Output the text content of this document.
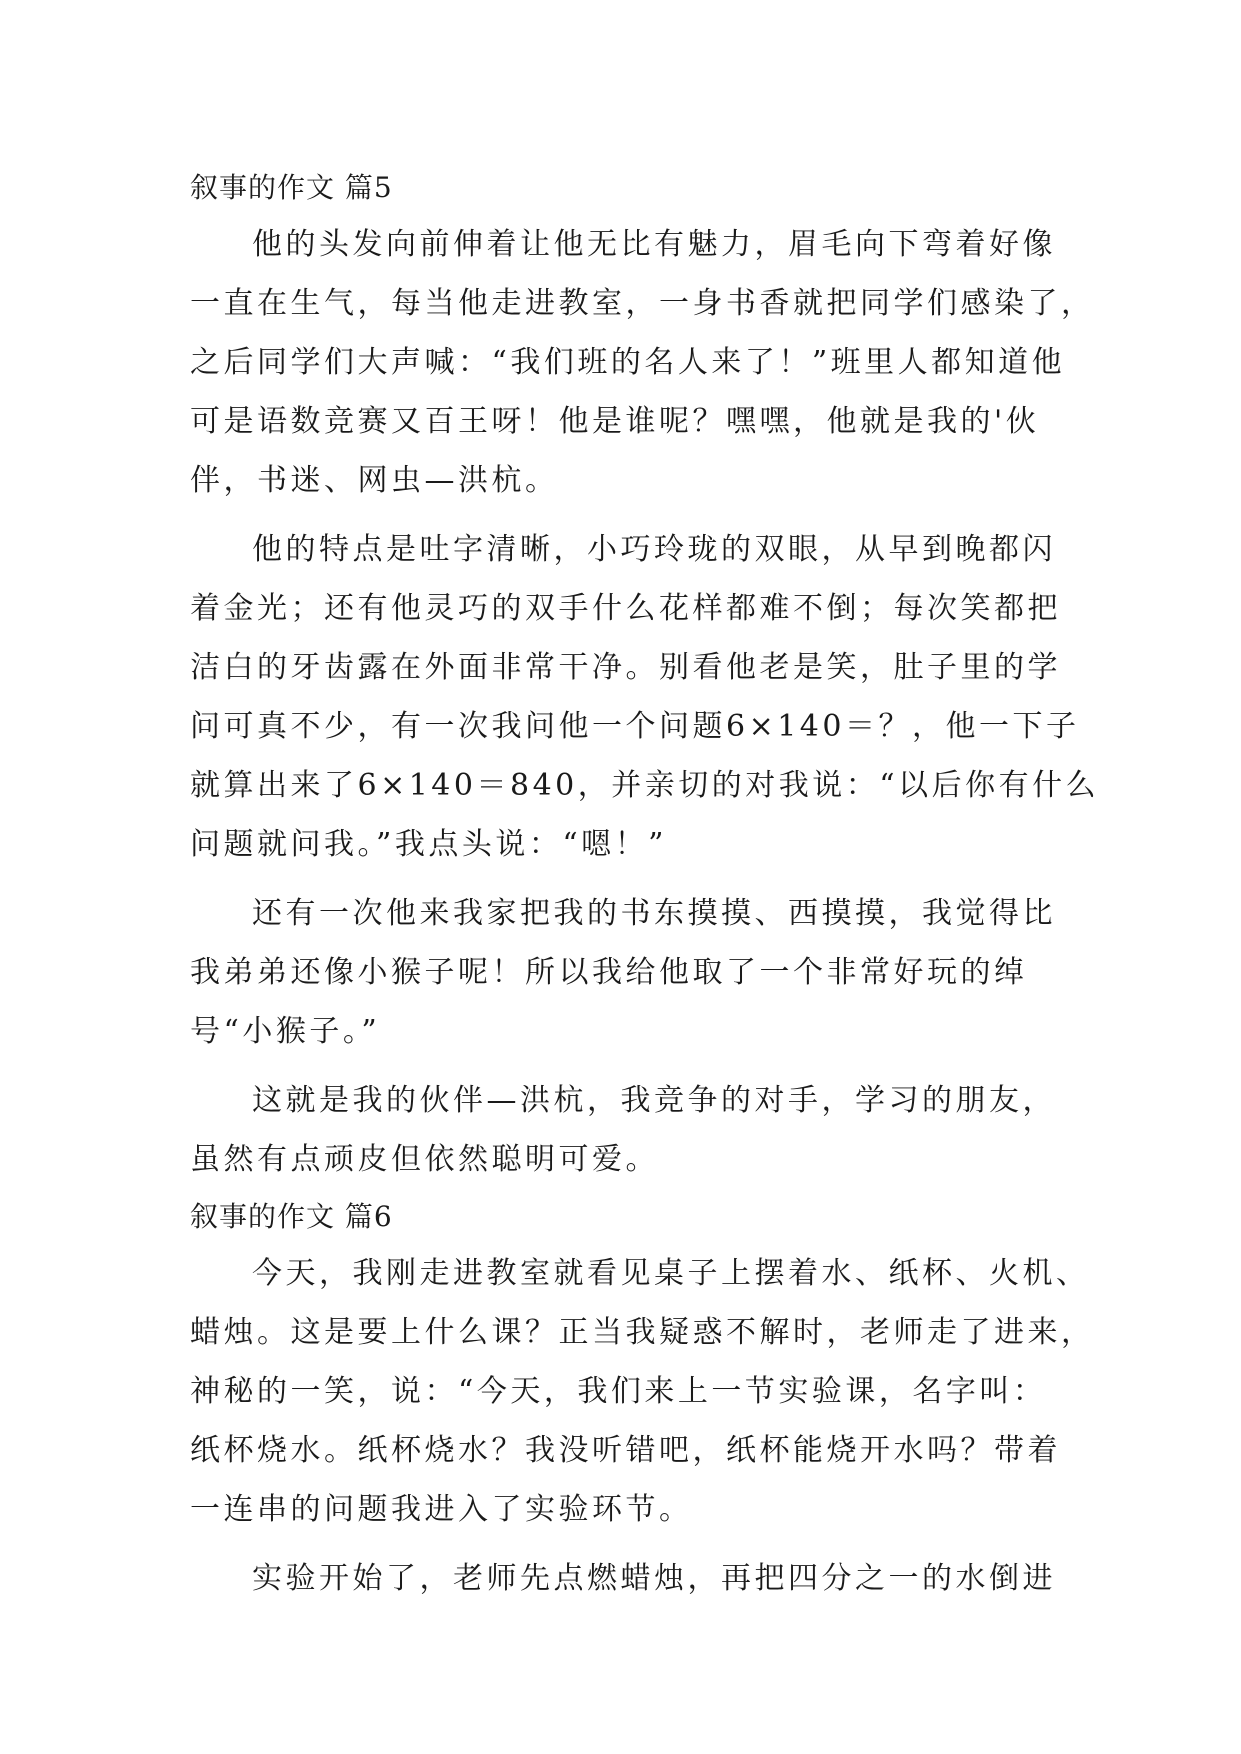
叙事的作文 篇5
他的头发向前伸着让他无比有魅力，眉毛向下弯着好像
一直在生气，每当他走进教室，一身书香就把同学们感染了，
之后同学们大声喊：“我们班的名人来了！”班里人都知道他
可是语数竞赛又百王呀！他是谁呢？嘿嘿，他就是我的'伙
伴，书迷、网虫—洪杭。
他的特点是吐字清晰，小巧玲珑的双眼，从早到晚都闪
着金光；还有他灵巧的双手什么花样都难不倒；每次笑都把
洁白的牙齿露在外面非常干净。别看他老是笑，肚子里的学
问可真不少，有一次我问他一个问题6×140＝？，他一下子
就算出来了6×140＝840，并亲切的对我说：“以后你有什么
问题就问我。”我点头说：“嗯！”
还有一次他来我家把我的书东摸摸、西摸摸，我觉得比
我弟弟还像小猴子呢！所以我给他取了一个非常好玩的绰
号“小猴子。”
这就是我的伙伴—洪杭，我竞争的对手，学习的朋友，
虽然有点顽皮但依然聪明可爱。
叙事的作文 篇6
今天，我刚走进教室就看见桌子上摆着水、纸杯、火机、
蜡烛。这是要上什么课？正当我疑惑不解时，老师走了进来，
神秘的一笑，说：“今天，我们来上一节实验课，名字叫：
纸杯烧水。纸杯烧水？我没听错吧，纸杯能烧开水吗？带着
一连串的问题我进入了实验环节。
实验开始了，老师先点燃蜡烛，再把四分之一的水倒进
